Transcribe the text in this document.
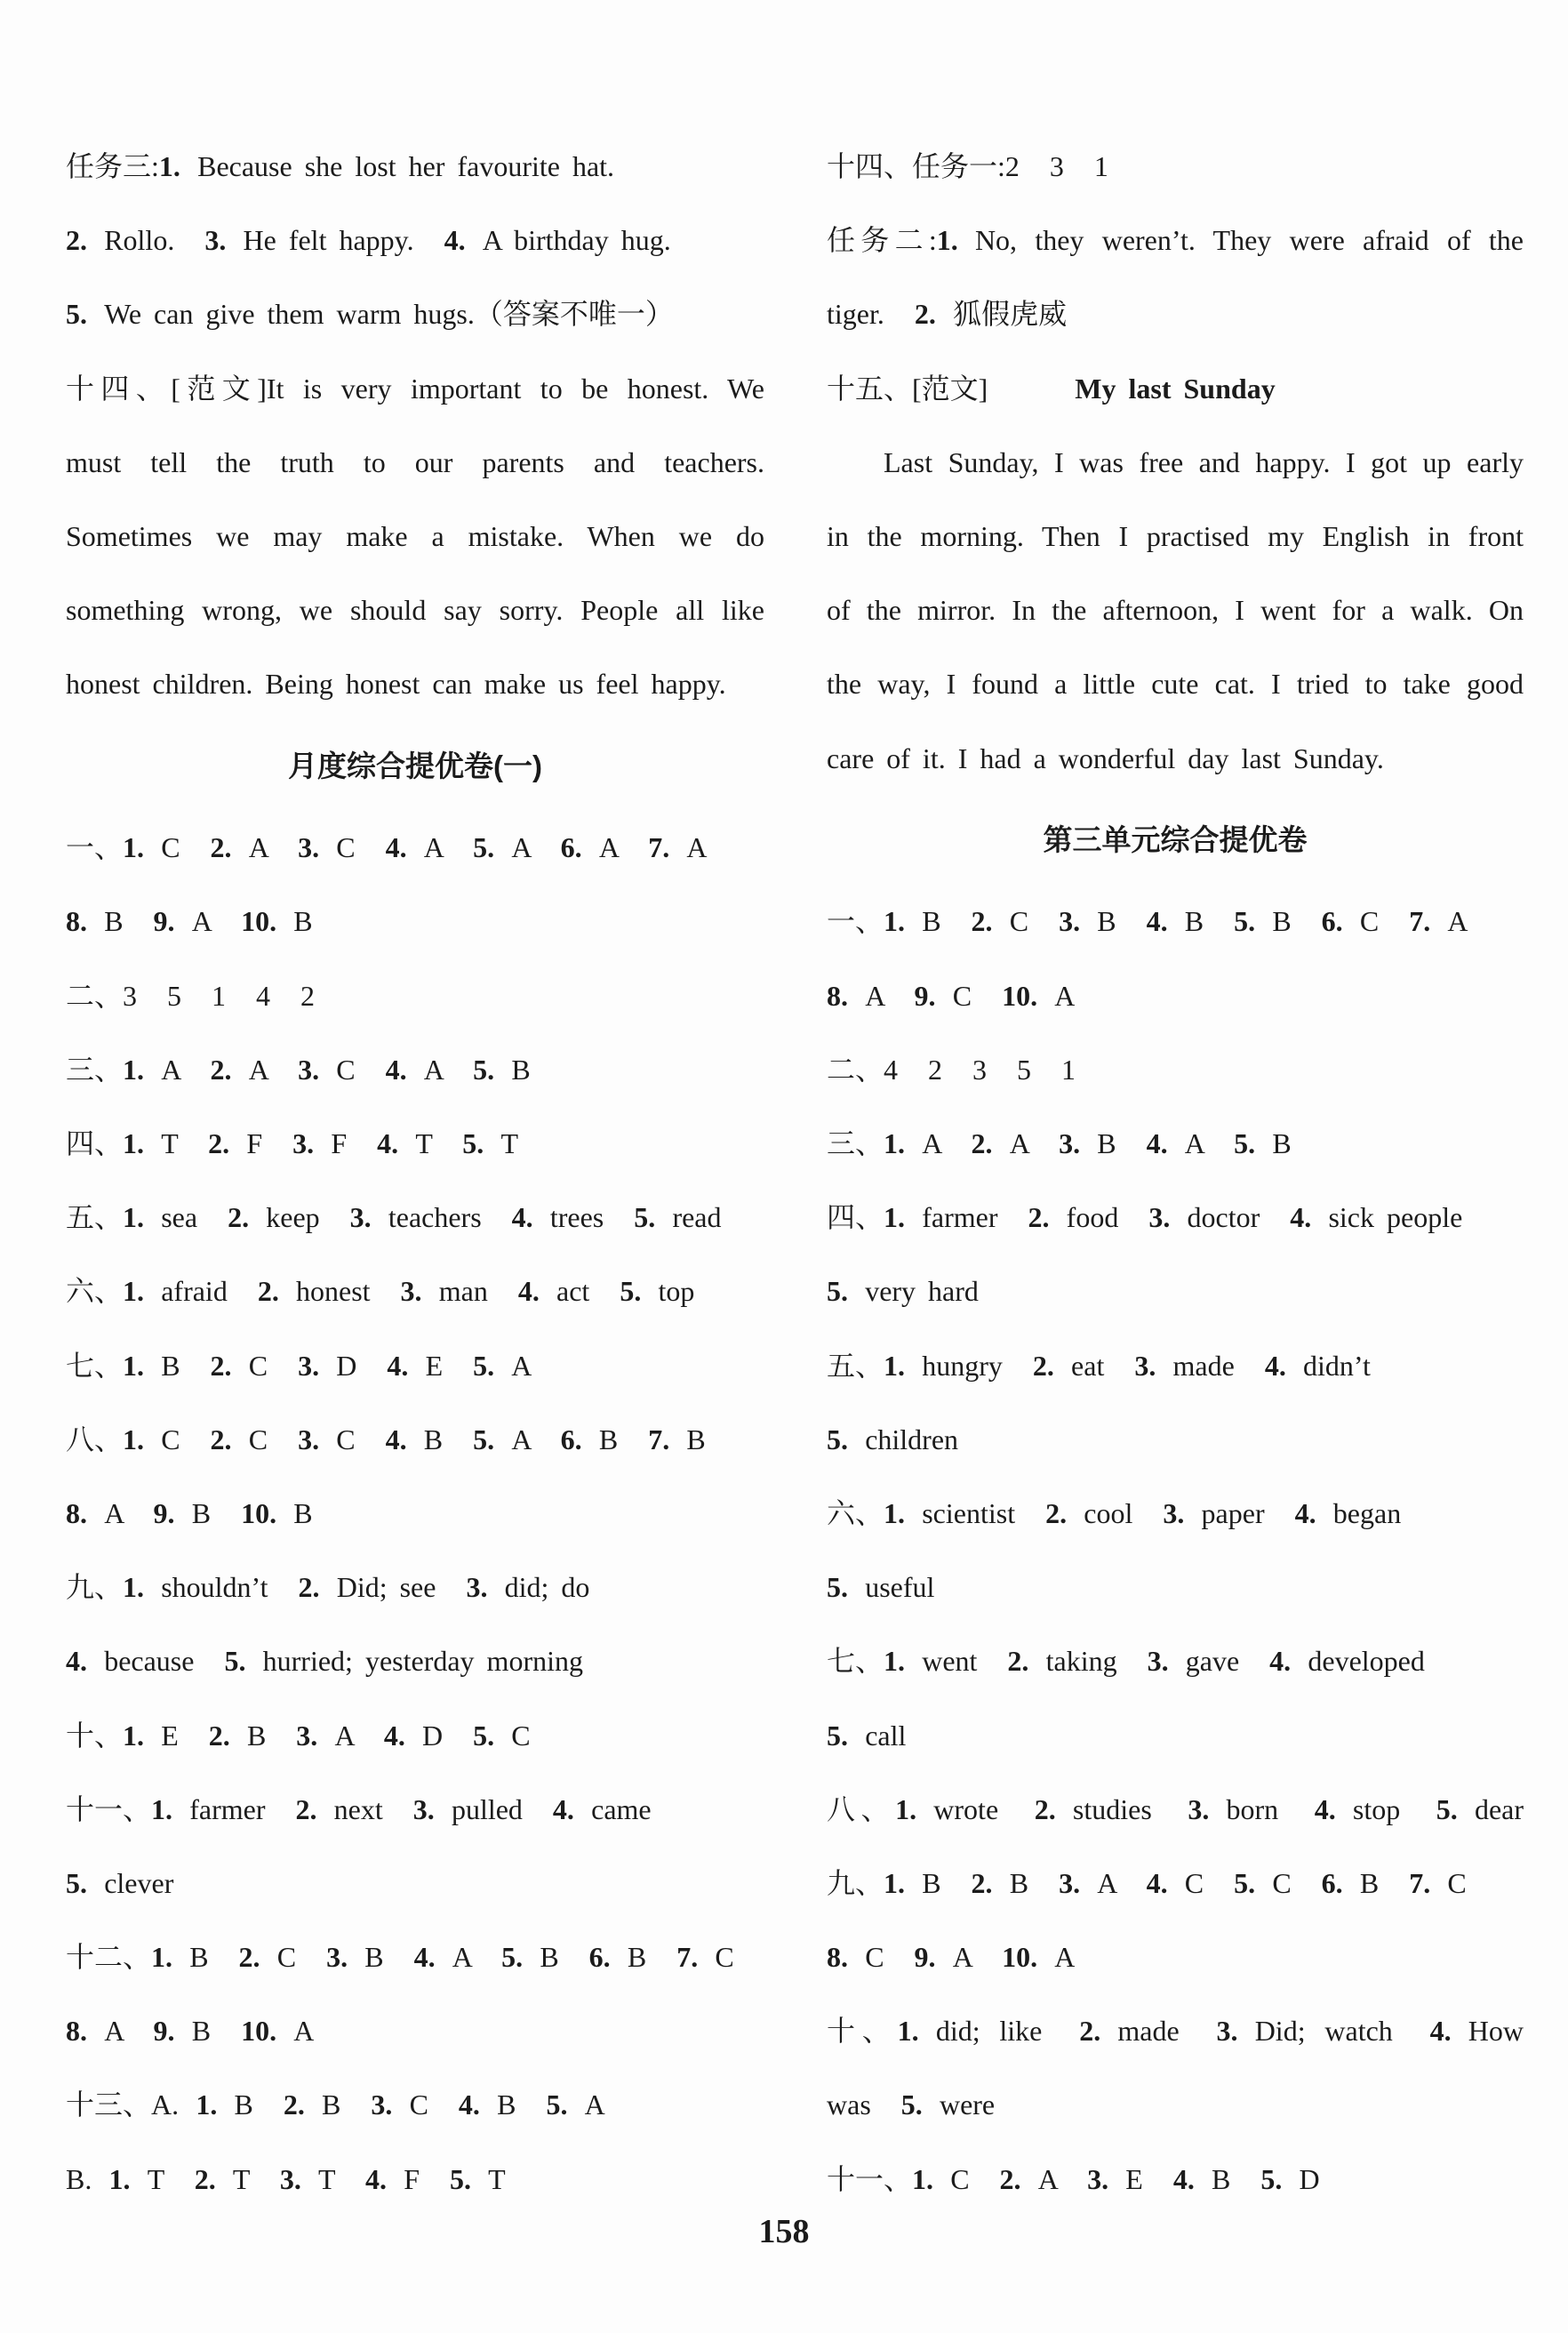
任务三:1. Because she lost her favourite hat.
2. Rollo. 3. He felt happy. 4. A birthday hug.
5. We can give them warm hugs.（答案不唯一）
十四、[范文]It is very important to be honest. We
must tell the truth to our parents and teachers.
Sometimes we may make a mistake. When we do
something wrong, we should say sorry. People all like
honest children. Being honest can make us feel happy.
月度综合提优卷(一)
一、1. C 2. A 3. C 4. A 5. A 6. A 7. A
8. B 9. A 10. B
二、3 5 1 4 2
三、1. A 2. A 3. C 4. A 5. B
四、1. T 2. F 3. F 4. T 5. T
五、1. sea 2. keep 3. teachers 4. trees 5. read
六、1. afraid 2. honest 3. man 4. act 5. top
七、1. B 2. C 3. D 4. E 5. A
八、1. C 2. C 3. C 4. B 5. A 6. B 7. B
8. A 9. B 10. B
九、1. shouldn’t 2. Did; see 3. did; do
4. because 5. hurried; yesterday morning
十、1. E 2. B 3. A 4. D 5. C
十一、1. farmer 2. next 3. pulled 4. came
5. clever
十二、1. B 2. C 3. B 4. A 5. B 6. B 7. C
8. A 9. B 10. A
十三、A. 1. B 2. B 3. C 4. B 5. A
B. 1. T 2. T 3. T 4. F 5. T
十四、任务一:2 3 1
任务二:1. No, they weren’t. They were afraid of the
tiger. 2. 狐假虎威
十五、[范文]	My last Sunday
Last Sunday, I was free and happy. I got up early
in the morning. Then I practised my English in front
of the mirror. In the afternoon, I went for a walk. On
the way, I found a little cute cat. I tried to take good
care of it. I had a wonderful day last Sunday.
第三单元综合提优卷
一、1. B 2. C 3. B 4. B 5. B 6. C 7. A
8. A 9. C 10. A
二、4 2 3 5 1
三、1. A 2. A 3. B 4. A 5. B
四、1. farmer 2. food 3. doctor 4. sick people
5. very hard
五、1. hungry 2. eat 3. made 4. didn’t
5. children
六、1. scientist 2. cool 3. paper 4. began
5. useful
七、1. went 2. taking 3. gave 4. developed
5. call
八、1. wrote 2. studies 3. born 4. stop 5. dear
九、1. B 2. B 3. A 4. C 5. C 6. B 7. C
8. C 9. A 10. A
十、1. did; like 2. made 3. Did; watch 4. How
was 5. were
十一、1. C 2. A 3. E 4. B 5. D
158
